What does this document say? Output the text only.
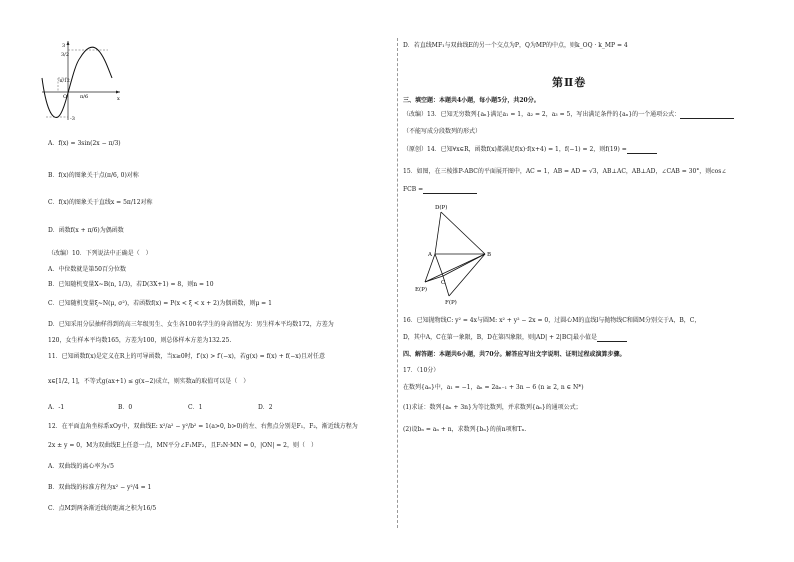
3
3/2
-π/12
O	π/6	x
-3
A．f(x) = 3sin(2x − π/3)
B．f(x)的图象关于点(π/6, 0)对称
C．f(x)的图象关于直线x = 5π/12对称
D．函数f(x + π/6)为偶函数
（改编）10．下列说法中正确是（　）
A．中位数就是第50百分位数
B．已知随机变量X~B(n, 1/3)，若D(3X+1) = 8，则n = 10
C．已知随机变量ξ~N(μ, σ²)，若函数f(x) = P(x < ξ < x + 2)为偶函数，则μ = 1
D．已知采用分层抽样得到的高三年级男生、女生各100名学生的身高情况为：男生样本平均数172，方差为
120，女生样本平均数165，方差为100，则总体样本方差为132.25.
11．已知函数f(x)是定义在R上的可导函数，当x≥0时，f′(x) > f′(−x)，若g(x) = f(x) + f(−x)且对任意
x∈[1/2, 1]，不等式g(ax+1) ≤ g(x−2)成立，则实数a的取值可以是（　）
A．-1	B．0	C．1	D．2
12．在平面直角坐标系xOy中，双曲线E: x²/a² − y²/b² = 1(a>0, b>0)的左、右焦点分别是F₁，F₂，渐近线方程为
2x ± y = 0，M为双曲线E上任意一点，MN平分∠F₁MF₂，且F₂N·MN = 0，|ON| = 2，则（　）
A．双曲线的离心率为√5
B．双曲线的标准方程为x² − y²/4 = 1
C．点M到两条渐近线的距离之积为16/5
D．若直线MF₁与双曲线E的另一个交点为P，Q为MP的中点，则k_OQ · k_MP = 4
第Ⅱ卷
三、填空题：本题共4小题，每小题5分，共20分。
（改编）13．已知无穷数列{aₙ}满足a₁ = 1，a₂ = 2，a₃ = 5，写出满足条件的{aₙ}的一个通项公式：
（不能写成分段数列的形式）
（原创）14．已知∀x∈R，函数f(x)都满足f(x)·f(x+4) = 1，f(−1) = 2，则f(19) =
15．如图，在三棱锥P-ABC的平面展开图中，AC = 1，AB = AD = √3，AB⊥AC，AB⊥AD，∠CAB = 30°，则cos∠
FCB =
D(P)
A	B
C
E(P)
F(P)
16．已知抛物线C: y² = 4x与圆M: x² + y² − 2x = 0，过圆心M的直线l与抛物线C和圆M分别交于A，B，C，
D，其中A，C在第一象限，B，D在第四象限，则|AD| + 2|BC|最小值是
四、解答题：本题共6小题，共70分。解答应写出文字说明、证明过程或演算步骤。
17．（10分）
在数列{aₙ}中，a₁ = −1，aₙ = 2aₙ₋₁ + 3n − 6 (n ≥ 2, n ∈ N*)
(1)求证：数列{aₙ + 3n}为等比数列，并求数列{aₙ}的通项公式；
(2)设bₙ = aₙ + n，求数列{bₙ}的前n项和Tₙ.
